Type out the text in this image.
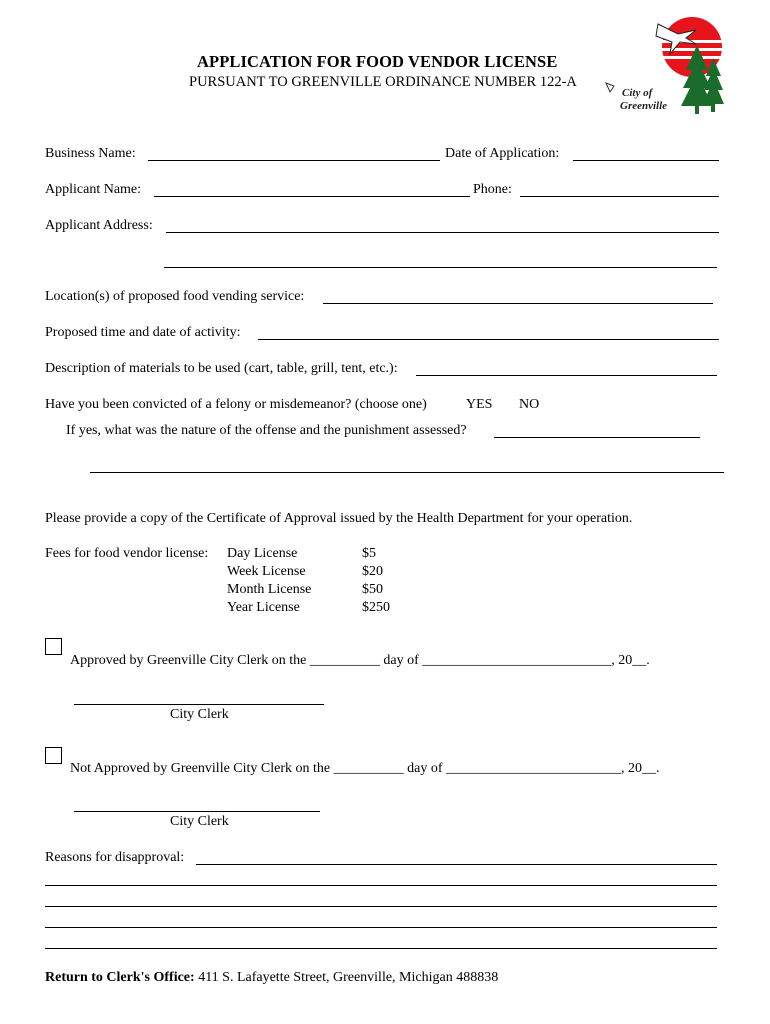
APPLICATION FOR FOOD VENDOR LICENSE
PURSUANT TO GREENVILLE ORDINANCE NUMBER 122-A
City of
Greenville
Business Name:	Date of Application:
Applicant Name:	Phone:
Applicant Address:
Location(s) of proposed food vending service:
Proposed time and date of activity:
Description of materials to be used (cart, table, grill, tent, etc.):
Have you been convicted of a felony or misdemeanor? (choose one)	YES NO
If yes, what was the nature of the offense and the punishment assessed?
Please provide a copy of the Certificate of Approval issued by the Health Department for your operation.
Fees for food vendor license: Day License	$5
Week License	$20
Month License	$50
Year License	$250
Approved by Greenville City Clerk on the __________ day of ___________________________, 20__.
City Clerk
Not Approved by Greenville City Clerk on the __________ day of _________________________, 20__.
City Clerk
Reasons for disapproval:
Return to Clerk's Office: 411 S. Lafayette Street, Greenville, Michigan 488838
